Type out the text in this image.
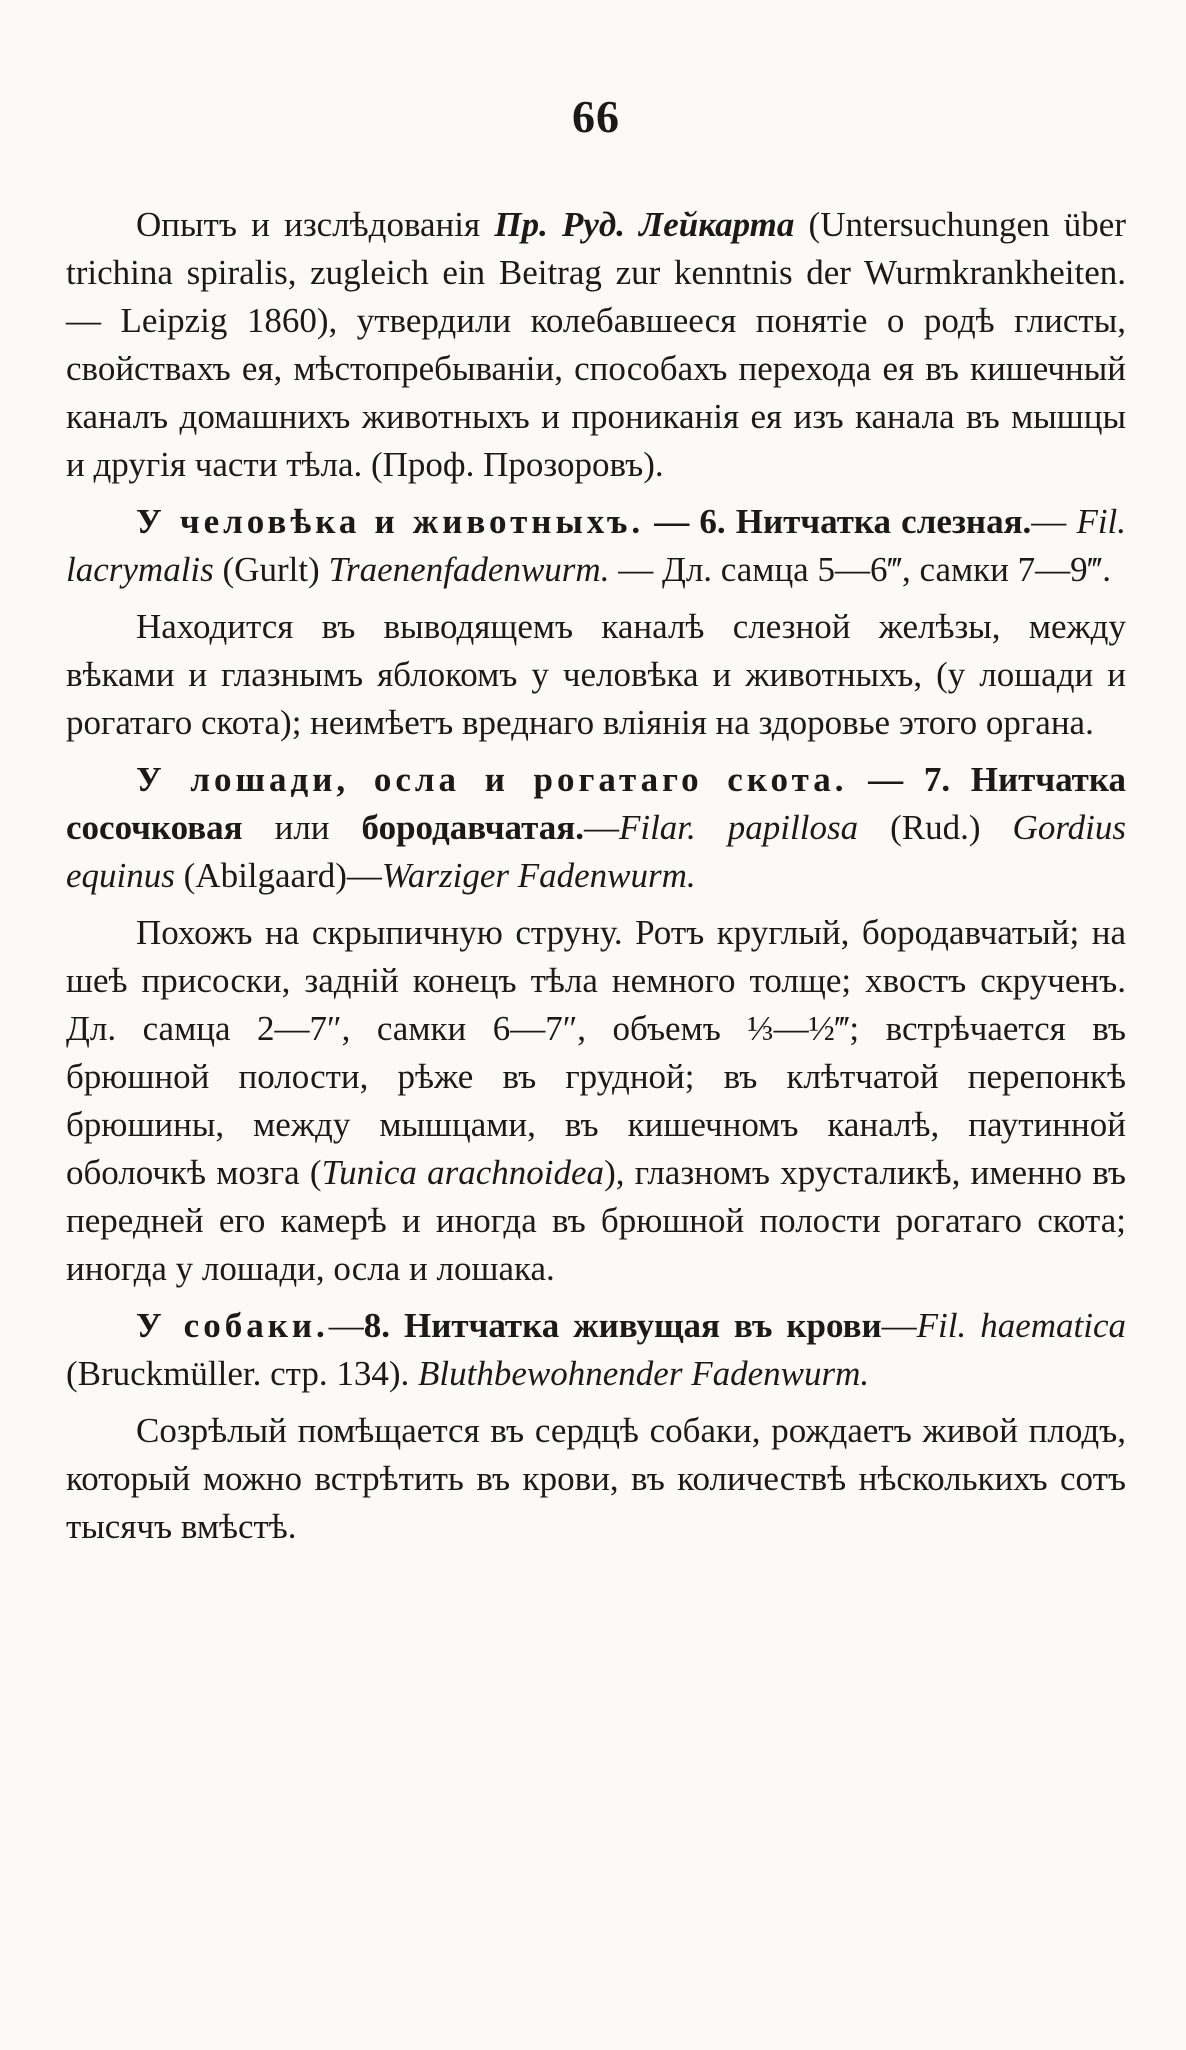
66

Опытъ и изслѣдованія Пр. Руд. Лейкарта (Untersuchungen über trichina spiralis, zugleich ein Beitrag zur kenntnis der Wurmkrankheiten. — Leipzig 1860), утвердили колебавшееся понятіе о родѣ глисты, свойствахъ ея, мѣстопребываніи, способахъ перехода ея въ кишечный каналъ домашнихъ животныхъ и прониканія ея изъ канала въ мышцы и другія части тѣла. (Проф. Прозоровъ).

У человѣка и животныхъ. — 6. Нитчатка слезная.— Fil. lacrymalis (Gurlt) Traenenfadenwurm. — Дл. самца 5—6‴, самки 7—9‴.

Находится въ выводящемъ каналѣ слезной желѣзы, между вѣками и глазнымъ яблокомъ у человѣка и животныхъ, (у лошади и рогатаго скота); неимѣетъ вреднаго вліянія на здоровье этого органа.

У лошади, осла и рогатаго скота. — 7. Нитчатка сосочковая или бородавчатая.—Filar. papillosa (Rud.) Gordius equinus (Abilgaard)—Warziger Fadenwurm.

Похожъ на скрыпичную струну. Ротъ круглый, бородавчатый; на шеѣ присоски, заднiй конецъ тѣла немного толще; хвостъ скрученъ. Дл. самца 2—7″, самки 6—7″, объемъ ⅓—½‴; встрѣчается въ брюшной полости, рѣже въ грудной; въ клѣтчатой перепонкѣ брюшины, между мышцами, въ кишечномъ каналѣ, паутинной оболочкѣ мозга (Tunica arachnoidea), глазномъ хрусталикѣ, именно въ передней его камерѣ и иногда въ брюшной полости рогатаго скота; иногда у лошади, осла и лошака.

У собаки.—8. Нитчатка живущая въ крови—Fil. haematica (Bruckmüller. стр. 134). Bluthbewohnender Fadenwurm.

Созрѣлый помѣщается въ сердцѣ собаки, рождаетъ живой плодъ, который можно встрѣтить въ крови, въ количествѣ нѣсколькихъ сотъ тысячъ вмѣстѣ.
